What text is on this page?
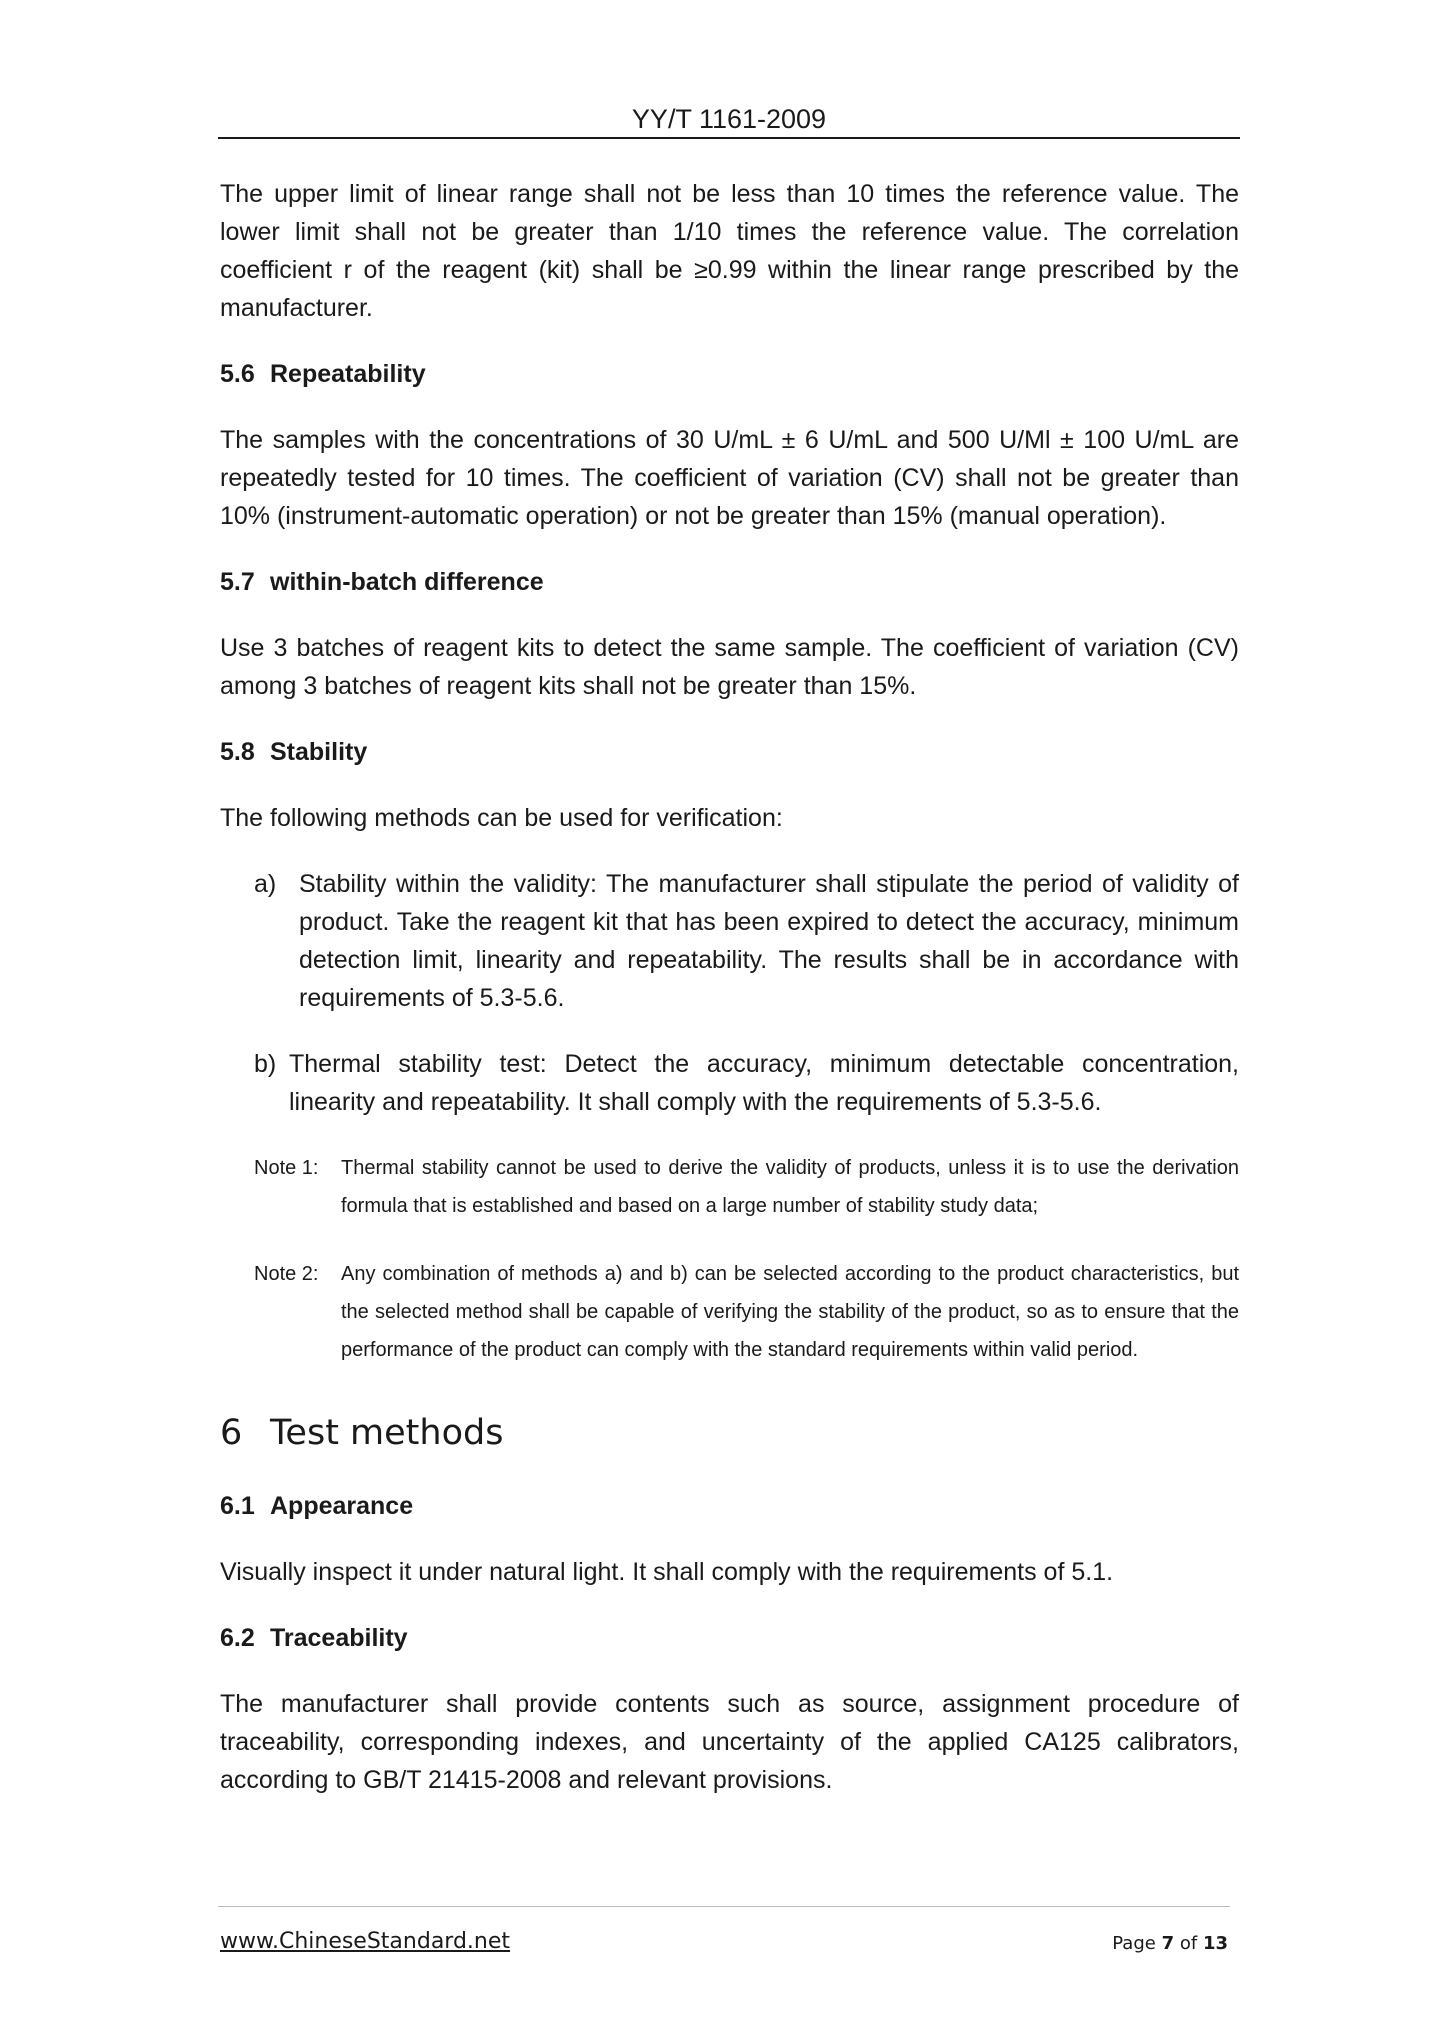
YY/T 1161-2009

The upper limit of linear range shall not be less than 10 times the reference value. The lower limit shall not be greater than 1/10 times the reference value. The correlation coefficient r of the reagent (kit) shall be ≥0.99 within the linear range prescribed by the manufacturer.

5.6 Repeatability

The samples with the concentrations of 30 U/mL ± 6 U/mL and 500 U/Ml ± 100 U/mL are repeatedly tested for 10 times. The coefficient of variation (CV) shall not be greater than 10% (instrument-automatic operation) or not be greater than 15% (manual operation).

5.7 within-batch difference

Use 3 batches of reagent kits to detect the same sample. The coefficient of variation (CV) among 3 batches of reagent kits shall not be greater than 15%.

5.8 Stability

The following methods can be used for verification:

a) Stability within the validity: The manufacturer shall stipulate the period of validity of product. Take the reagent kit that has been expired to detect the accuracy, minimum detection limit, linearity and repeatability. The results shall be in accordance with requirements of 5.3-5.6.
b) Thermal stability test: Detect the accuracy, minimum detectable concentration, linearity and repeatability. It shall comply with the requirements of 5.3-5.6.
Note 1: Thermal stability cannot be used to derive the validity of products, unless it is to use the derivation formula that is established and based on a large number of stability study data;
Note 2: Any combination of methods a) and b) can be selected according to the product characteristics, but the selected method shall be capable of verifying the stability of the product, so as to ensure that the performance of the product can comply with the standard requirements within valid period.
6 Test methods
6.1 Appearance

Visually inspect it under natural light. It shall comply with the requirements of 5.1.

6.2 Traceability

The manufacturer shall provide contents such as source, assignment procedure of traceability, corresponding indexes, and uncertainty of the applied CA125 calibrators, according to GB/T 21415-2008 and relevant provisions.

www.ChineseStandard.net	Page 7 of 13
